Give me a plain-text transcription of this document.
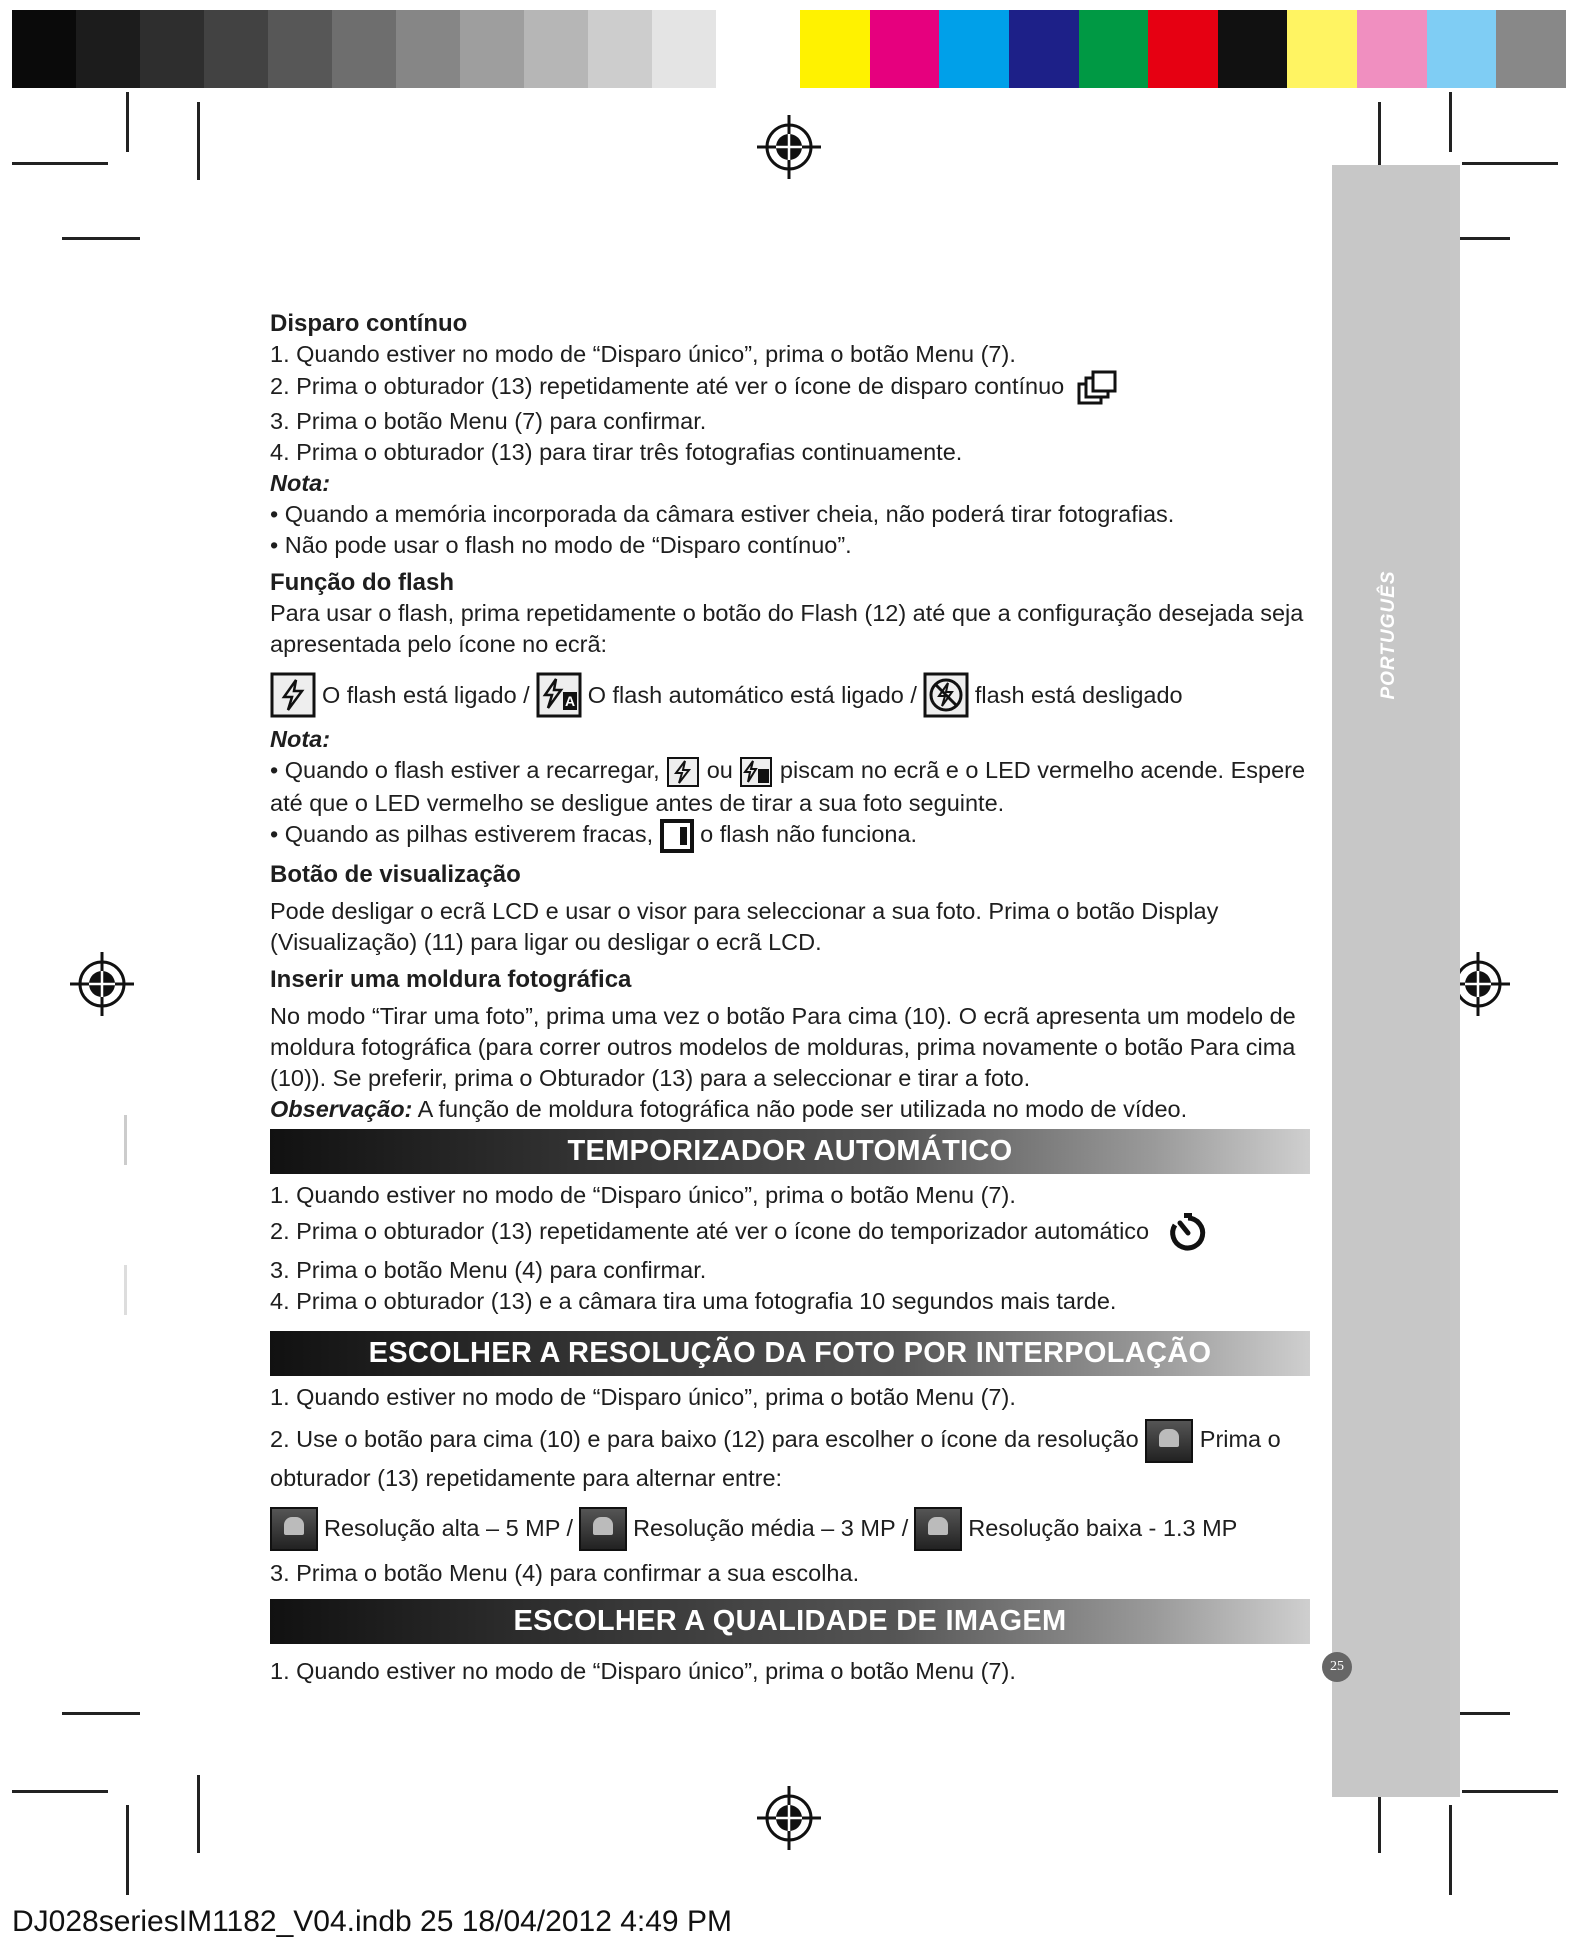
PORTUGUÊS
25

Disparo contínuo

1. Quando estiver no modo de “Disparo único”, prima o botão Menu (7).

2. Prima o obturador (13) repetidamente até ver o ícone de disparo contínuo

3. Prima o botão Menu (7) para confirmar.

4. Prima o obturador (13) para tirar três fotografias continuamente.

Nota:

• Quando a memória incorporada da câmara estiver cheia, não poderá tirar fotografias.

• Não pode usar o flash no modo de “Disparo contínuo”.

Função do flash

Para usar o flash, prima repetidamente o botão do Flash (12) até que a configuração desejada seja apresentada pelo ícone no ecrã:

O flash está ligado / A O flash automático está ligado / flash está desligado

Nota:

• Quando o flash estiver a recarregar, ou piscam no ecrã e o LED vermelho acende. Espere até que o LED vermelho se desligue antes de tirar a sua foto seguinte.

• Quando as pilhas estiverem fracas, o flash não funciona.

Botão de visualização

Pode desligar o ecrã LCD e usar o visor para seleccionar a sua foto. Prima o botão Display (Visualização) (11) para ligar ou desligar o ecrã LCD.

Inserir uma moldura fotográfica

No modo “Tirar uma foto”, prima uma vez o botão Para cima (10). O ecrã apresenta um modelo de moldura fotográfica (para correr outros modelos de molduras, prima novamente o botão Para cima (10)). Se preferir, prima o Obturador (13) para a seleccionar e tirar a foto.

Observação: A função de moldura fotográfica não pode ser utilizada no modo de vídeo.

TEMPORIZADOR AUTOMÁTICO

1. Quando estiver no modo de “Disparo único”, prima o botão Menu (7).

2. Prima o obturador (13) repetidamente até ver o ícone do temporizador automático

3. Prima o botão Menu (4) para confirmar.

4. Prima o obturador (13) e a câmara tira uma fotografia 10 segundos mais tarde.

ESCOLHER A RESOLUÇÃO DA FOTO POR INTERPOLAÇÃO

1. Quando estiver no modo de “Disparo único”, prima o botão Menu (7).

2. Use o botão para cima (10) e para baixo (12) para escolher o ícone da resolução	Prima o obturador (13) repetidamente para alternar entre:

Resolução alta – 5 MP /	Resolução média – 3 MP /	Resolução baixa - 1.3 MP

3. Prima o botão Menu (4) para confirmar a sua escolha.

ESCOLHER A QUALIDADE DE IMAGEM

1. Quando estiver no modo de “Disparo único”, prima o botão Menu (7).

DJ028seriesIM1182_V04.indb 25 18/04/2012 4:49 PM
